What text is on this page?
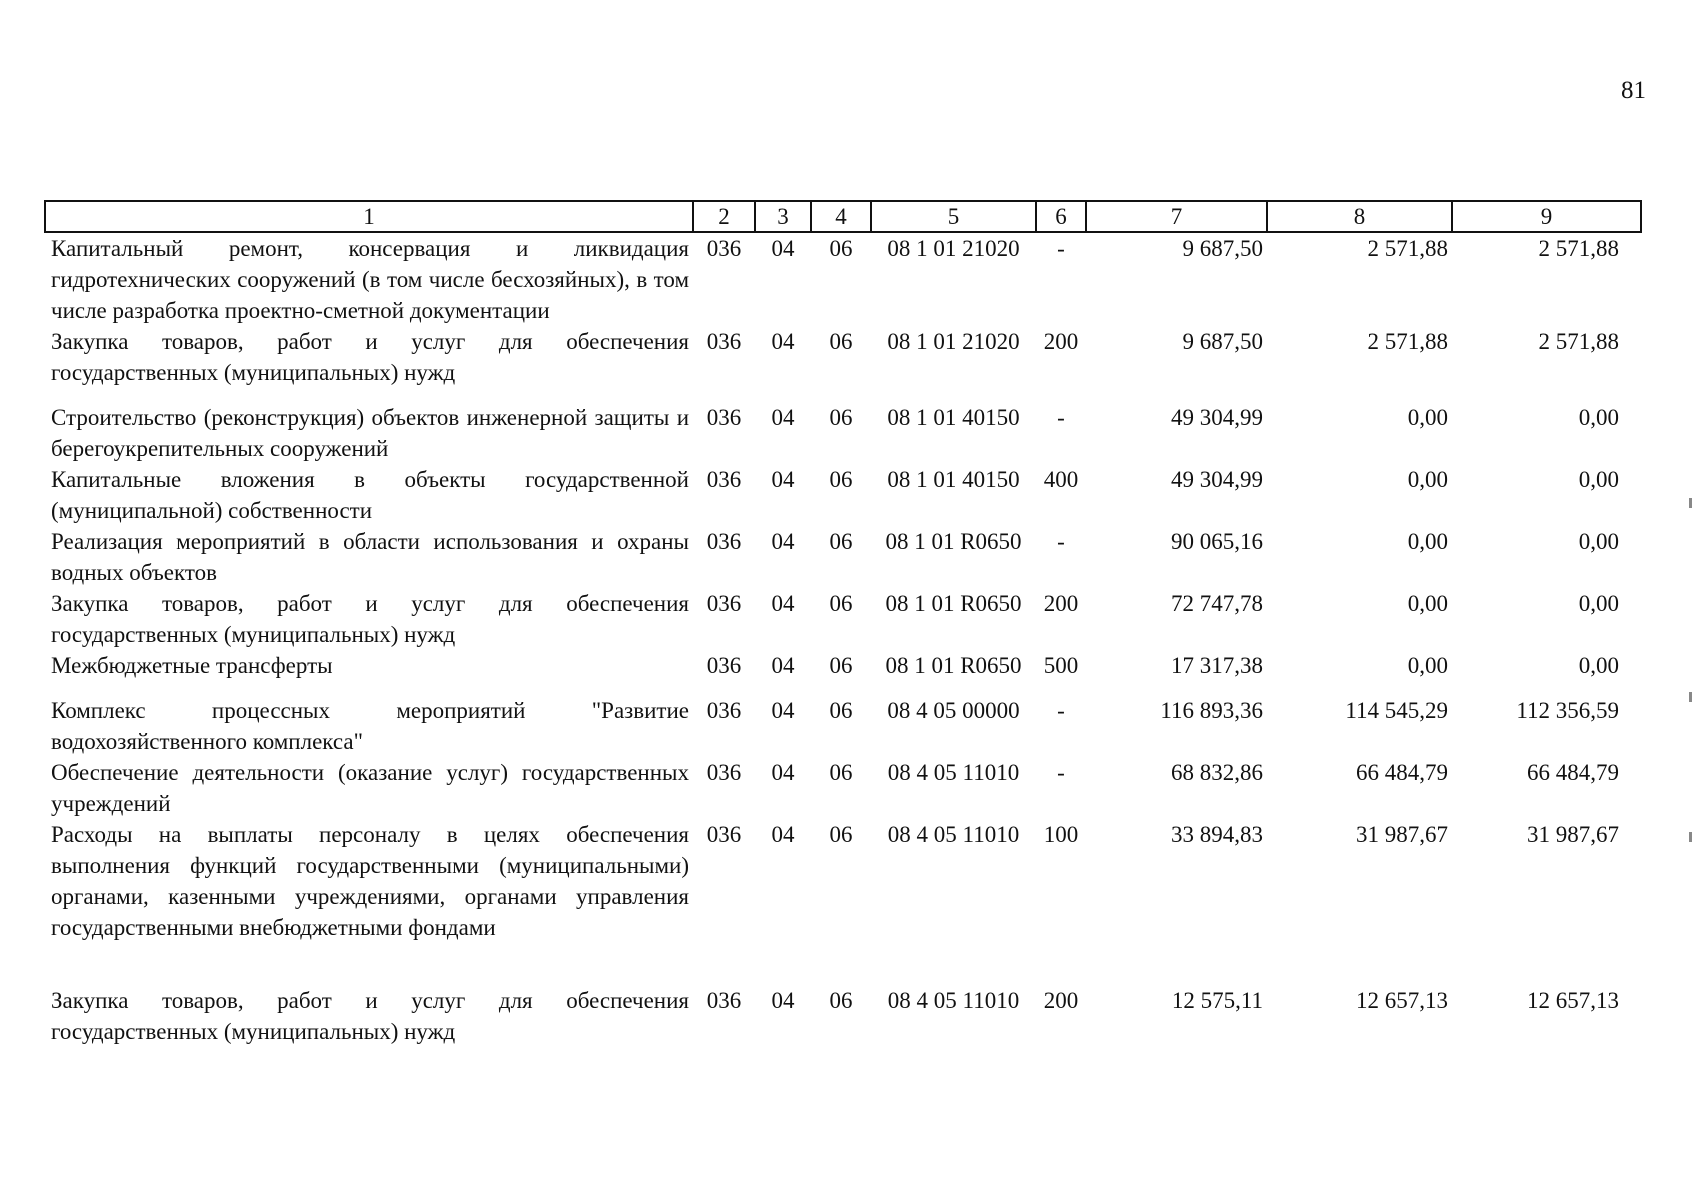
81
1	2	3	4	5	6	7	8	9
Капитальный ремонт, консервация и ликвидация гидротехнических сооружений (в том числе бесхозяйных), в том числе разработка проектно-сметной документации	036	04	06	08 1 01 21020	-	9 687,50	2 571,88	2 571,88
Закупка товаров, работ и услуг для обеспечения государственных (муниципальных) нужд	036	04	06	08 1 01 21020	200	9 687,50	2 571,88	2 571,88
Строительство (реконструкция) объектов инженерной защиты и берегоукрепительных сооружений	036	04	06	08 1 01 40150	-	49 304,99	0,00	0,00
Капитальные вложения в объекты государственной (муниципальной) собственности	036	04	06	08 1 01 40150	400	49 304,99	0,00	0,00
Реализация мероприятий в области использования и охраны водных объектов	036	04	06	08 1 01 R0650	-	90 065,16	0,00	0,00
Закупка товаров, работ и услуг для обеспечения государственных (муниципальных) нужд	036	04	06	08 1 01 R0650	200	72 747,78	0,00	0,00
Межбюджетные трансферты	036	04	06	08 1 01 R0650	500	17 317,38	0,00	0,00
Комплекс процессных мероприятий "Развитие водохозяйственного комплекса"	036	04	06	08 4 05 00000	-	116 893,36	114 545,29	112 356,59
Обеспечение деятельности (оказание услуг) государственных учреждений	036	04	06	08 4 05 11010	-	68 832,86	66 484,79	66 484,79
Расходы на выплаты персоналу в целях обеспечения выполнения функций государственными (муниципальными) органами, казенными учреждениями, органами управления государственными внебюджетными фондами	036	04	06	08 4 05 11010	100	33 894,83	31 987,67	31 987,67
Закупка товаров, работ и услуг для обеспечения государственных (муниципальных) нужд	036	04	06	08 4 05 11010	200	12 575,11	12 657,13	12 657,13
